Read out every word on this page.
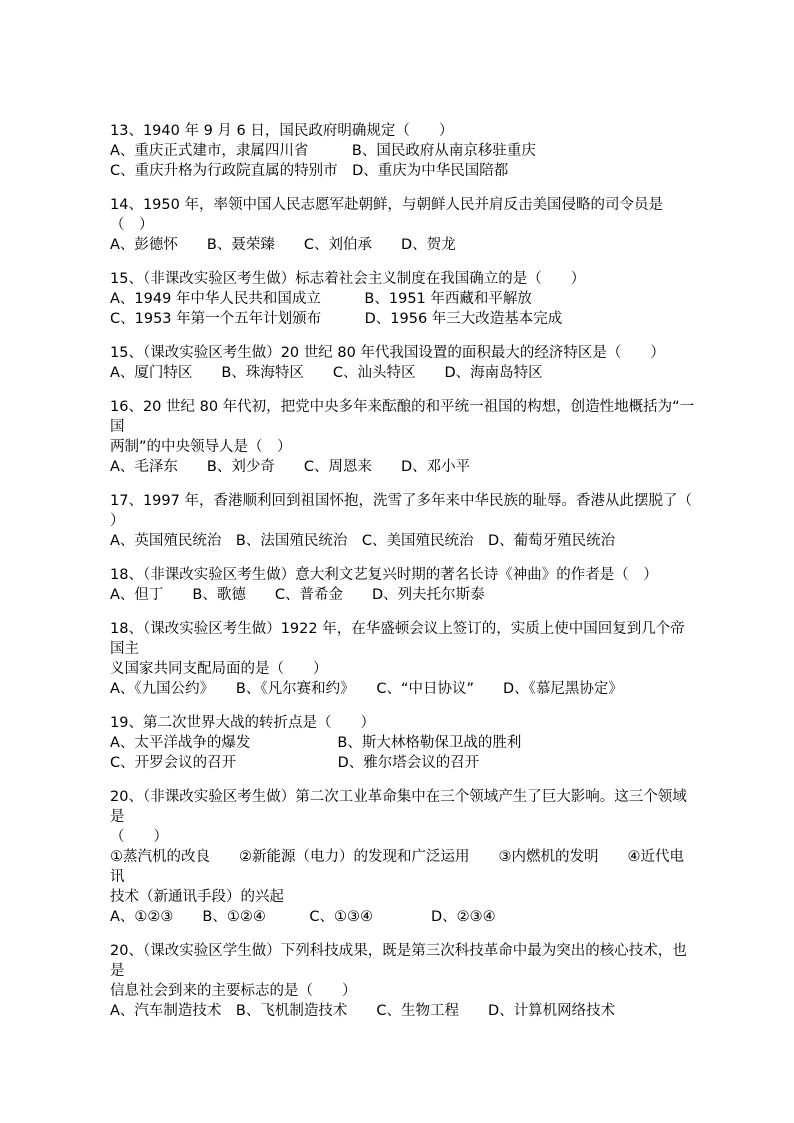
13、1940 年 9 月 6 日，国民政府明确规定（　　）
A、重庆正式建市，隶属四川省　　　B、国民政府从南京移驻重庆
C、重庆升格为行政院直属的特别市　D、重庆为中华民国陪都
14、1950 年，率领中国人民志愿军赴朝鲜，与朝鲜人民并肩反击美国侵略的司令员是（　）
A、彭德怀　　B、聂荣臻　　C、刘伯承　　D、贺龙
15、（非课改实验区考生做）标志着社会主义制度在我国确立的是（　　）
A、1949 年中华人民共和国成立　　　B、1951 年西藏和平解放
C、1953 年第一个五年计划颁布　　　D、1956 年三大改造基本完成
15、（课改实验区考生做）20 世纪 80 年代我国设置的面积最大的经济特区是（　　）
A、厦门特区　　B、珠海特区　　C、汕头特区　　D、海南岛特区
16、20 世纪 80 年代初，把党中央多年来酝酿的和平统一祖国的构想，创造性地概括为“一国
两制”的中央领导人是（　）
A、毛泽东　　B、刘少奇　　C、周恩来　　D、邓小平
17、1997 年，香港顺利回到祖国怀抱，洗雪了多年来中华民族的耻辱。香港从此摆脱了（
）
A、英国殖民统治　B、法国殖民统治　C、美国殖民统治　D、葡萄牙殖民统治
18、（非课改实验区考生做）意大利文艺复兴时期的著名长诗《神曲》的作者是（　）
A、但丁　　B、歌德　　C、普希金　　D、列夫托尔斯泰
18、（课改实验区考生做）1922 年，在华盛顿会议上签订的，实质上使中国回复到几个帝国主
义国家共同支配局面的是（　　）
A、《九国公约》　　B、《凡尔赛和约》　　C、“中日协议”　　D、《慕尼黑协定》
19、第二次世界大战的转折点是（　　）
A、太平洋战争的爆发　　　　　　B、斯大林格勒保卫战的胜利
C、开罗会议的召开　　　　　　　D、雅尔塔会议的召开
20、（非课改实验区考生做）第二次工业革命集中在三个领域产生了巨大影响。这三个领域是
（　　）
①蒸汽机的改良　　②新能源（电力）的发现和广泛运用　　③内燃机的发明　　④近代电讯
技术（新通讯手段）的兴起
A、①②③　　B、①②④　　　C、①③④　　　　D、②③④
20、（课改实验区学生做）下列科技成果，既是第三次科技革命中最为突出的核心技术，也是
信息社会到来的主要标志的是（　　）
A、汽车制造技术　B、飞机制造技术　　C、生物工程　　D、计算机网络技术
